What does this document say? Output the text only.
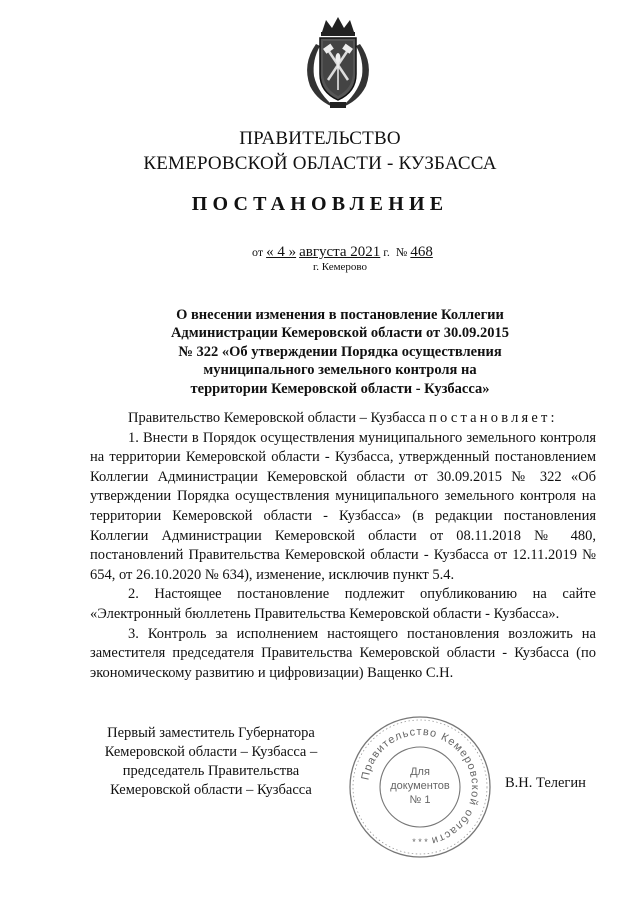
ПРАВИТЕЛЬСТВО
КЕМЕРОВСКОЙ ОБЛАСТИ - КУЗБАССА
ПОСТАНОВЛЕНИЕ
от « 4 » августа 2021 г. № 468
г. Кемерово
О внесении изменения в постановление Коллегии
Администрации Кемеровской области от 30.09.2015
№ 322 «Об утверждении Порядка осуществления
муниципального земельного контроля на
территории Кемеровской области - Кузбасса»

Правительство Кемеровской области – Кузбасса постановляет:

1. Внести в Порядок осуществления муниципального земельного контроля на территории Кемеровской области - Кузбасса, утвержденный постановлением Коллегии Администрации Кемеровской области от 30.09.2015 № 322 «Об утверждении Порядка осуществления муниципального земельного контроля на территории Кемеровской области - Кузбасса» (в редакции постановления Коллегии Администрации Кемеровской области от 08.11.2018 № 480, постановлений Правительства Кемеровской области - Кузбасса от 12.11.2019 № 654, от 26.10.2020 № 634), изменение, исключив пункт 5.4.

2. Настоящее постановление подлежит опубликованию на сайте «Электронный бюллетень Правительства Кемеровской области - Кузбасса».

3. Контроль за исполнением настоящего постановления возложить на заместителя председателя Правительства Кемеровской области - Кузбасса (по экономическому развитию и цифровизации) Ващенко С.Н.

Первый заместитель Губернатора
Кемеровской области – Кузбасса –
председатель Правительства
Кемеровской области – Кузбасса	В.Н. Телегин
Правительство Кемеровской области
* * *
Для
документов
№ 1
